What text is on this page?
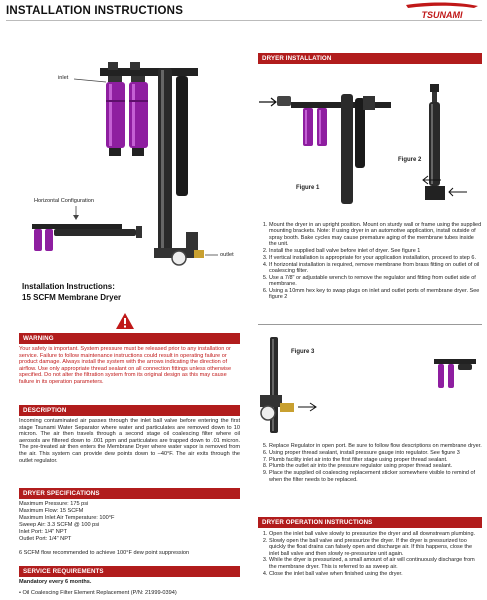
INSTALLATION INSTRUCTIONS	TSUNAMI
inlet
Horizontal Configuration
outlet
Installation Instructions:
15 SCFM Membrane Dryer
WARNING
Your safety is important. System pressure must be released prior to any installation or service. Failure to follow maintenance instructions could result in operating failure or product damage. Always install the system with the arrows indicating the direction of airflow. Use only appropriate thread sealant on all connection fittings unless otherwise specified. Do not alter the filtration system from its original design as this may cause failure in its operation parameters.
DESCRIPTION
Incoming contaminated air passes through the inlet ball valve before entering the first stage Tsunami Water Separator where water and particulates are removed down to 10 micron. The air then travels through a second stage oil coalescing filter where oil aerosols are filtered down to .001 ppm and particulates are trapped down to .01 micron. The pre-treated air then enters the Membrane Dryer where water vapor is removed from the air. This system can provide dew points down to –40°F. The air exits through the outlet regulator.
DRYER SPECIFICATIONS
Maximum Pressure: 175 psi
Maximum Flow: 15 SCFM
Maximum Inlet Air Temperature: 100°F
Sweep Air: 3.3 SCFM @ 100 psi
Inlet Port: 1/4" NPT
Outlet Port: 1/4" NPT
6 SCFM flow recommended to achieve 100°F dew point suppression
SERVICE REQUIREMENTS
Mandatory every 6 months.
• Oil Coalescing Filter Element Replacement (P/N: 21999-0394)
DRYER INSTALLATION
Figure 2
Figure 1
1. Mount the dryer in an upright position. Mount on sturdy wall or frame using the supplied mounting brackets. Note: If using dryer in an automotive application, install outside of spray booth. Bake cycles may cause premature aging of the membrane tubes inside the unit.
2. Install the supplied ball valve before inlet of dryer. See figure 1
3. If vertical installation is appropriate for your application installation, proceed to step 6.
4. If horizontal installation is required, remove membrane from brass fitting on outlet of oil coalescing filter.
5. Use a 7/8" or adjustable wrench to remove the regulator and fitting from outlet side of membrane.
6. Using a 10mm hex key to swap plugs on inlet and outlet ports of membrane dryer. See figure 2
Figure 3
5. Replace Regulator in open port. Be sure to follow flow descriptions on membrane dryer.
6. Using proper thread sealant, install pressure gauge into regulator. See figure 3
7. Plumb facility inlet air into the first filter stage using proper thread sealant.
8. Plumb the outlet air into the pressure regulator using proper thread sealant.
9. Place the supplied oil coalescing replacement sticker somewhere visible to remind of when the filter needs to be replaced.
DRYER OPERATION INSTRUCTIONS
1. Open the inlet ball valve slowly to pressurize the dryer and all downstream plumbing.
2. Slowly open the ball valve and pressurize the dryer. If the dryer is pressurized too quickly the float drains can falsely open and discharge air. If this happens, close the inlet ball valve and then slowly re-pressurize unit again.
3. While the dryer is pressurized, a small amount of air will continuously discharge from the membrane dryer. This is referred to as sweep air.
4. Close the inlet ball valve when finished using the dryer.
